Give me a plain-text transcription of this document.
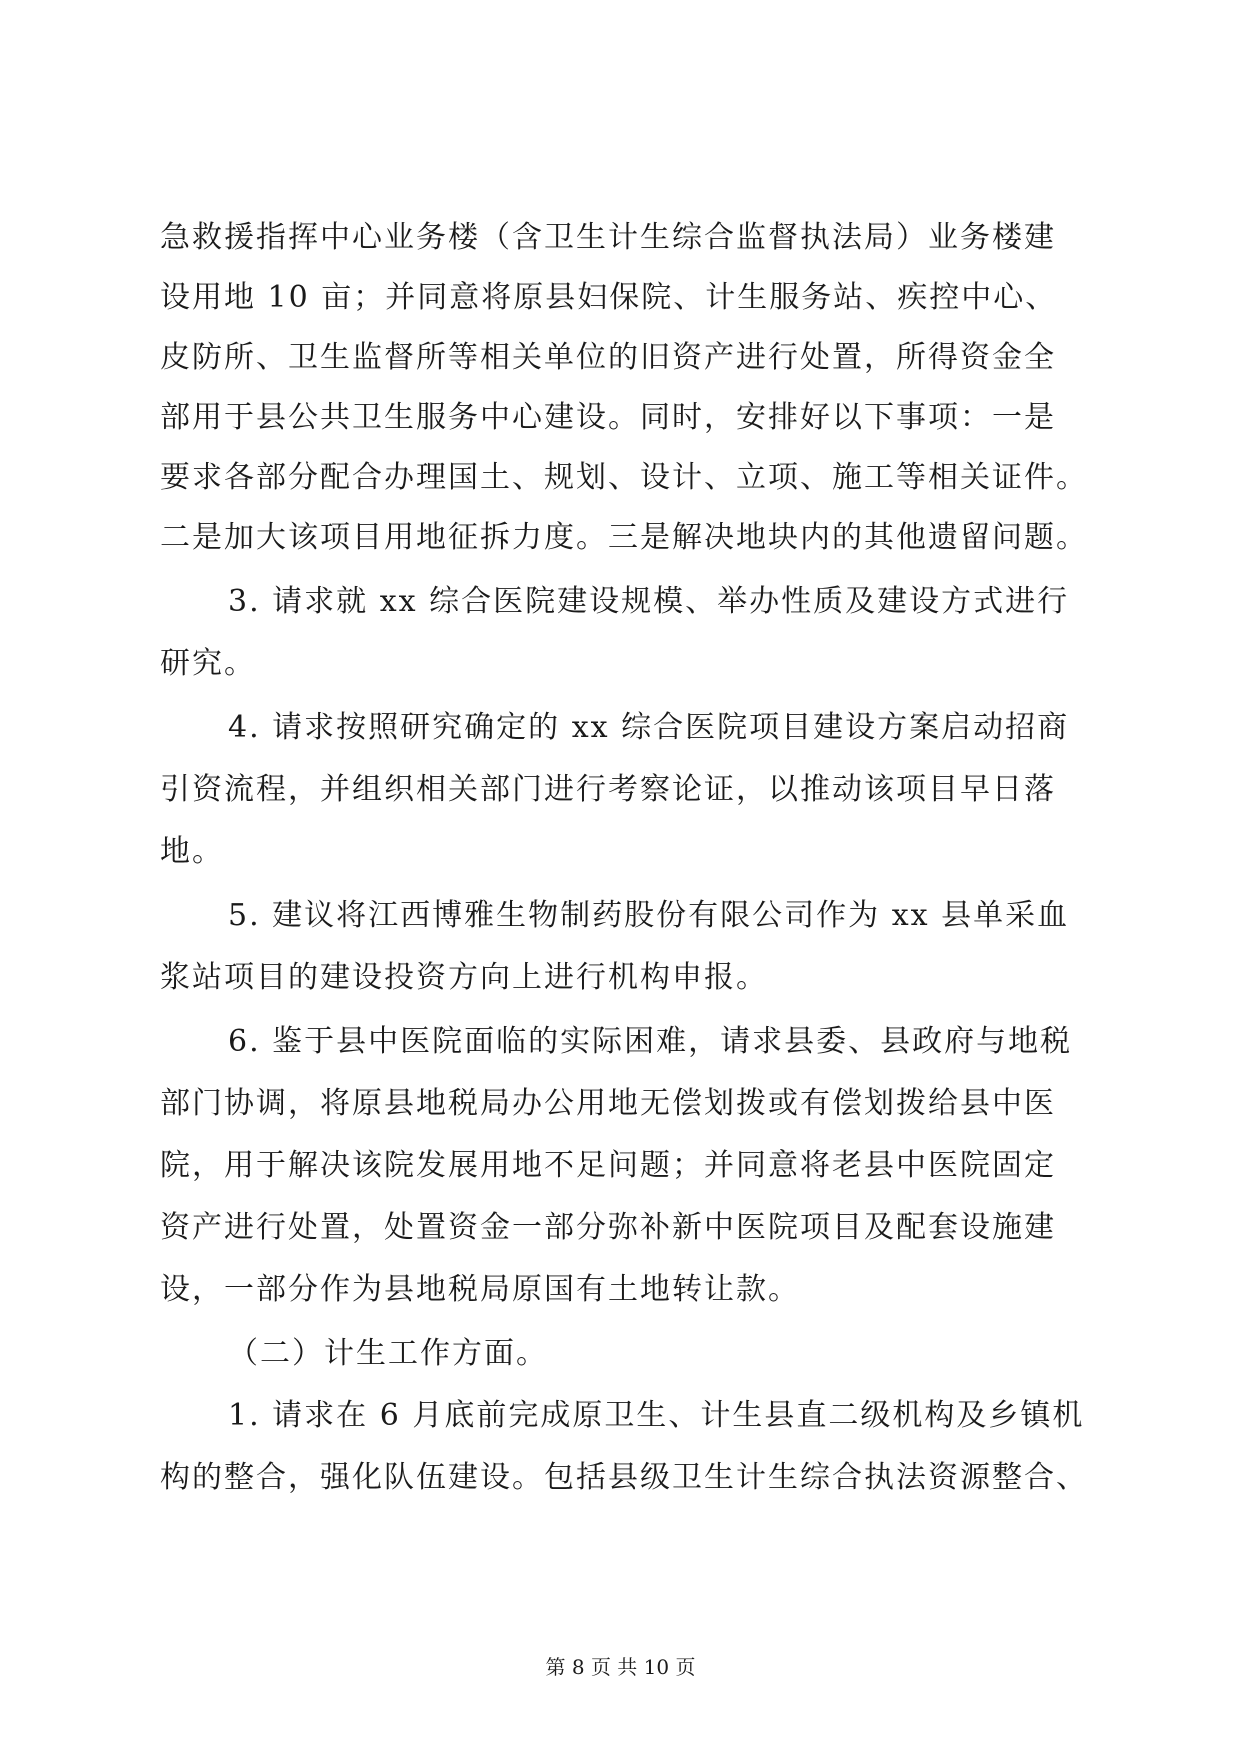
急救援指挥中心业务楼（含卫生计生综合监督执法局）业务楼建
设用地 10 亩；并同意将原县妇保院、计生服务站、疾控中心、
皮防所、卫生监督所等相关单位的旧资产进行处置，所得资金全
部用于县公共卫生服务中心建设。同时，安排好以下事项：一是
要求各部分配合办理国土、规划、设计、立项、施工等相关证件。
二是加大该项目用地征拆力度。三是解决地块内的其他遗留问题。
3. 请求就 xx 综合医院建设规模、举办性质及建设方式进行
研究。
4. 请求按照研究确定的 xx 综合医院项目建设方案启动招商
引资流程，并组织相关部门进行考察论证，以推动该项目早日落
地。
5. 建议将江西博雅生物制药股份有限公司作为 xx 县单采血
浆站项目的建设投资方向上进行机构申报。
6. 鉴于县中医院面临的实际困难，请求县委、县政府与地税
部门协调，将原县地税局办公用地无偿划拨或有偿划拨给县中医
院，用于解决该院发展用地不足问题；并同意将老县中医院固定
资产进行处置，处置资金一部分弥补新中医院项目及配套设施建
设，一部分作为县地税局原国有土地转让款。
（二）计生工作方面。
1. 请求在 6 月底前完成原卫生、计生县直二级机构及乡镇机
构的整合，强化队伍建设。包括县级卫生计生综合执法资源整合、
第 8 页 共 10 页
